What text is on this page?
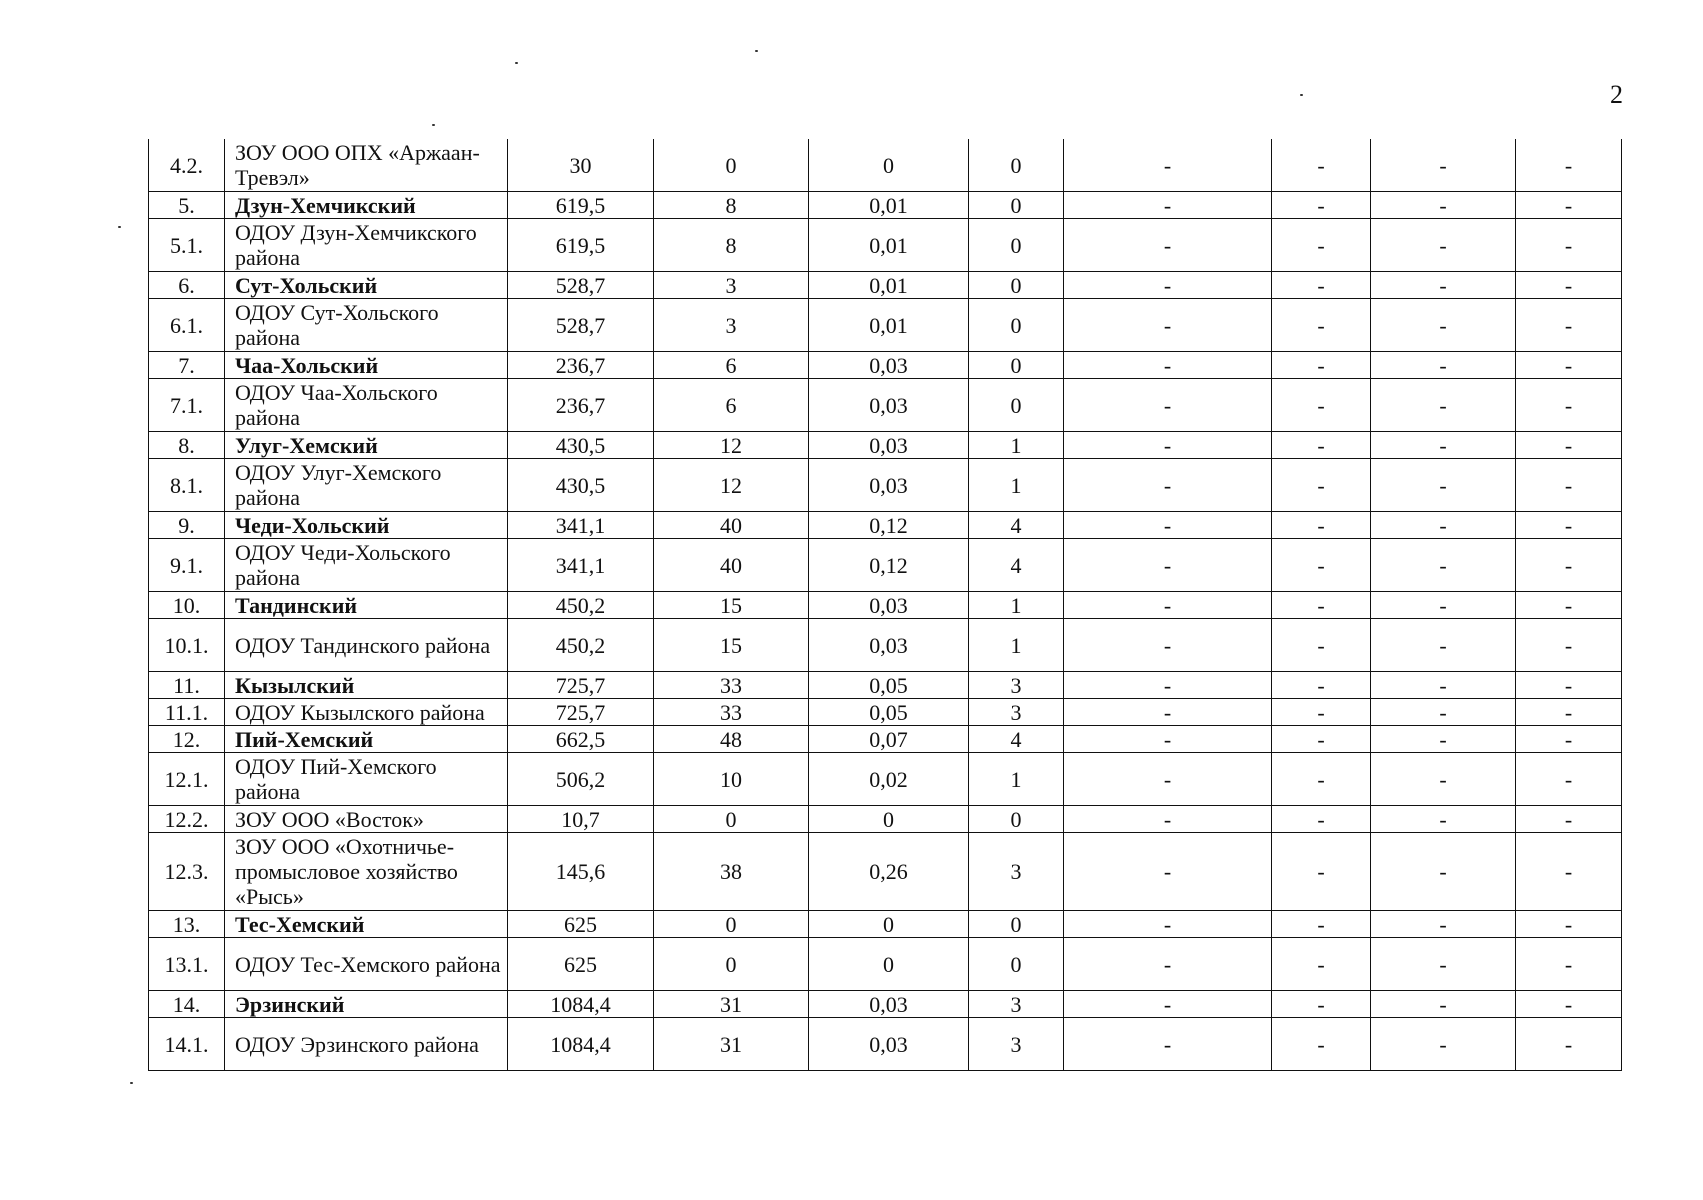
2
4.2.	ЗОУ ООО ОПХ «Аржаан-Тревэл»	30	0	0	0	-	-	-	-
5.	Дзун-Хемчикский	619,5	8	0,01	0	-	-	-	-
5.1.	ОДОУ Дзун-Хемчикского района	619,5	8	0,01	0	-	-	-	-
6.	Сут-Хольский	528,7	3	0,01	0	-	-	-	-
6.1.	ОДОУ Сут-Хольского района	528,7	3	0,01	0	-	-	-	-
7.	Чаа-Хольский	236,7	6	0,03	0	-	-	-	-
7.1.	ОДОУ Чаа-Хольского района	236,7	6	0,03	0	-	-	-	-
8.	Улуг-Хемский	430,5	12	0,03	1	-	-	-	-
8.1.	ОДОУ Улуг-Хемского района	430,5	12	0,03	1	-	-	-	-
9.	Чеди-Хольский	341,1	40	0,12	4	-	-	-	-
9.1.	ОДОУ Чеди-Хольского района	341,1	40	0,12	4	-	-	-	-
10.	Тандинский	450,2	15	0,03	1	-	-	-	-
10.1.	ОДОУ Тандинского района	450,2	15	0,03	1	-	-	-	-
11.	Кызылский	725,7	33	0,05	3	-	-	-	-
11.1.	ОДОУ Кызылского района	725,7	33	0,05	3	-	-	-	-
12.	Пий-Хемский	662,5	48	0,07	4	-	-	-	-
12.1.	ОДОУ Пий-Хемского района	506,2	10	0,02	1	-	-	-	-
12.2.	ЗОУ ООО «Восток»	10,7	0	0	0	-	-	-	-
12.3.	ЗОУ ООО «Охотничье-промысловое хозяйство «Рысь»	145,6	38	0,26	3	-	-	-	-
13.	Тес-Хемский	625	0	0	0	-	-	-	-
13.1.	ОДОУ Тес-Хемского района	625	0	0	0	-	-	-	-
14.	Эрзинский	1084,4	31	0,03	3	-	-	-	-
14.1.	ОДОУ Эрзинского района	1084,4	31	0,03	3	-	-	-	-
